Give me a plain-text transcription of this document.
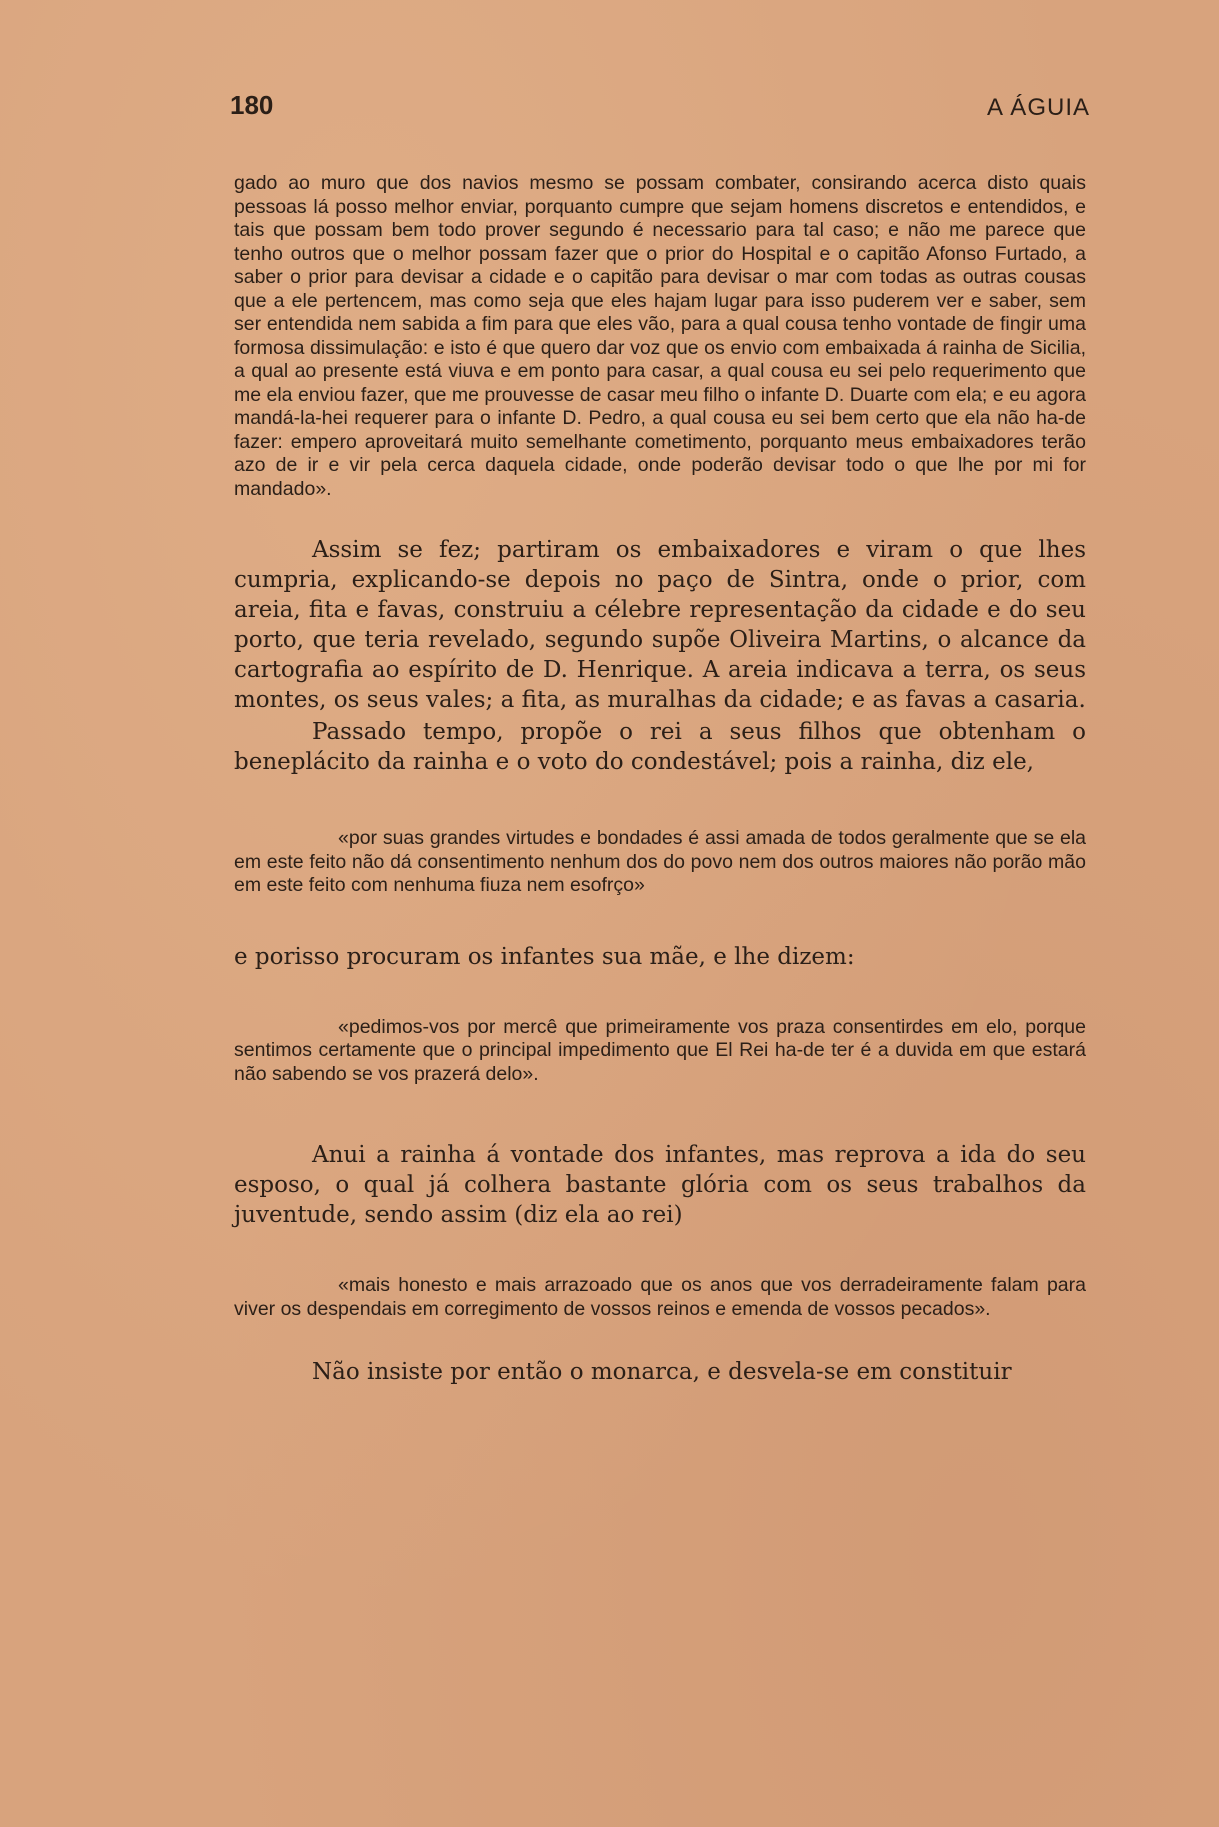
180	A ÁGUIA

gado ao muro que dos navios mesmo se possam combater, consirando acerca disto quais pessoas lá posso melhor enviar, porquanto cumpre que sejam homens discretos e entendidos, e tais que possam bem todo prover segundo é necessario para tal caso; e não me parece que tenho outros que o melhor possam fazer que o prior do Hospital e o capitão Afonso Furtado, a saber o prior para devisar a cidade e o capitão para devisar o mar com todas as outras cousas que a ele pertencem, mas como seja que eles hajam lugar para isso puderem ver e saber, sem ser entendida nem sabida a fim para que eles vão, para a qual cousa tenho vontade de fingir uma formosa dissimulação: e isto é que quero dar voz que os envio com embaixada á rainha de Sicilia, a qual ao presente está viuva e em ponto para casar, a qual cousa eu sei pelo requerimento que me ela enviou fazer, que me prouvesse de casar meu filho o infante D. Duarte com ela; e eu agora mandá-la-hei requerer para o infante D. Pedro, a qual cousa eu sei bem certo que ela não ha-de fazer: empero aproveitará muito semelhante cometimento, porquanto meus embaixadores terão azo de ir e vir pela cerca daquela cidade, onde poderão devisar todo o que lhe por mi for mandado».

Assim se fez; partiram os embaixadores e viram o que lhes cumpria, explicando-se depois no paço de Sintra, onde o prior, com areia, fita e favas, construiu a célebre representação da cidade e do seu porto, que teria revelado, segundo supõe Oliveira Martins, o alcance da cartografia ao espírito de D. Henrique. A areia indicava a terra, os seus montes, os seus vales; a fita, as muralhas da cidade; e as favas a casaria.

Passado tempo, propõe o rei a seus filhos que obtenham o beneplácito da rainha e o voto do condestável; pois a rainha, diz ele,

«por suas grandes virtudes e bondades é assi amada de todos geralmente que se ela em este feito não dá consentimento nenhum dos do povo nem dos outros maiores não porão mão em este feito com nenhuma fiuza nem esofrço»

e porisso procuram os infantes sua mãe, e lhe dizem:

«pedimos-vos por mercê que primeiramente vos praza consentirdes em elo, porque sentimos certamente que o principal impedimento que El Rei ha-de ter é a duvida em que estará não sabendo se vos prazerá delo».

Anui a rainha á vontade dos infantes, mas reprova a ida do seu esposo, o qual já colhera bastante glória com os seus trabalhos da juventude, sendo assim (diz ela ao rei)

«mais honesto e mais arrazoado que os anos que vos derradeiramente falam para viver os despendais em corregimento de vossos reinos e emenda de vossos pecados».

Não insiste por então o monarca, e desvela-se em constituir
